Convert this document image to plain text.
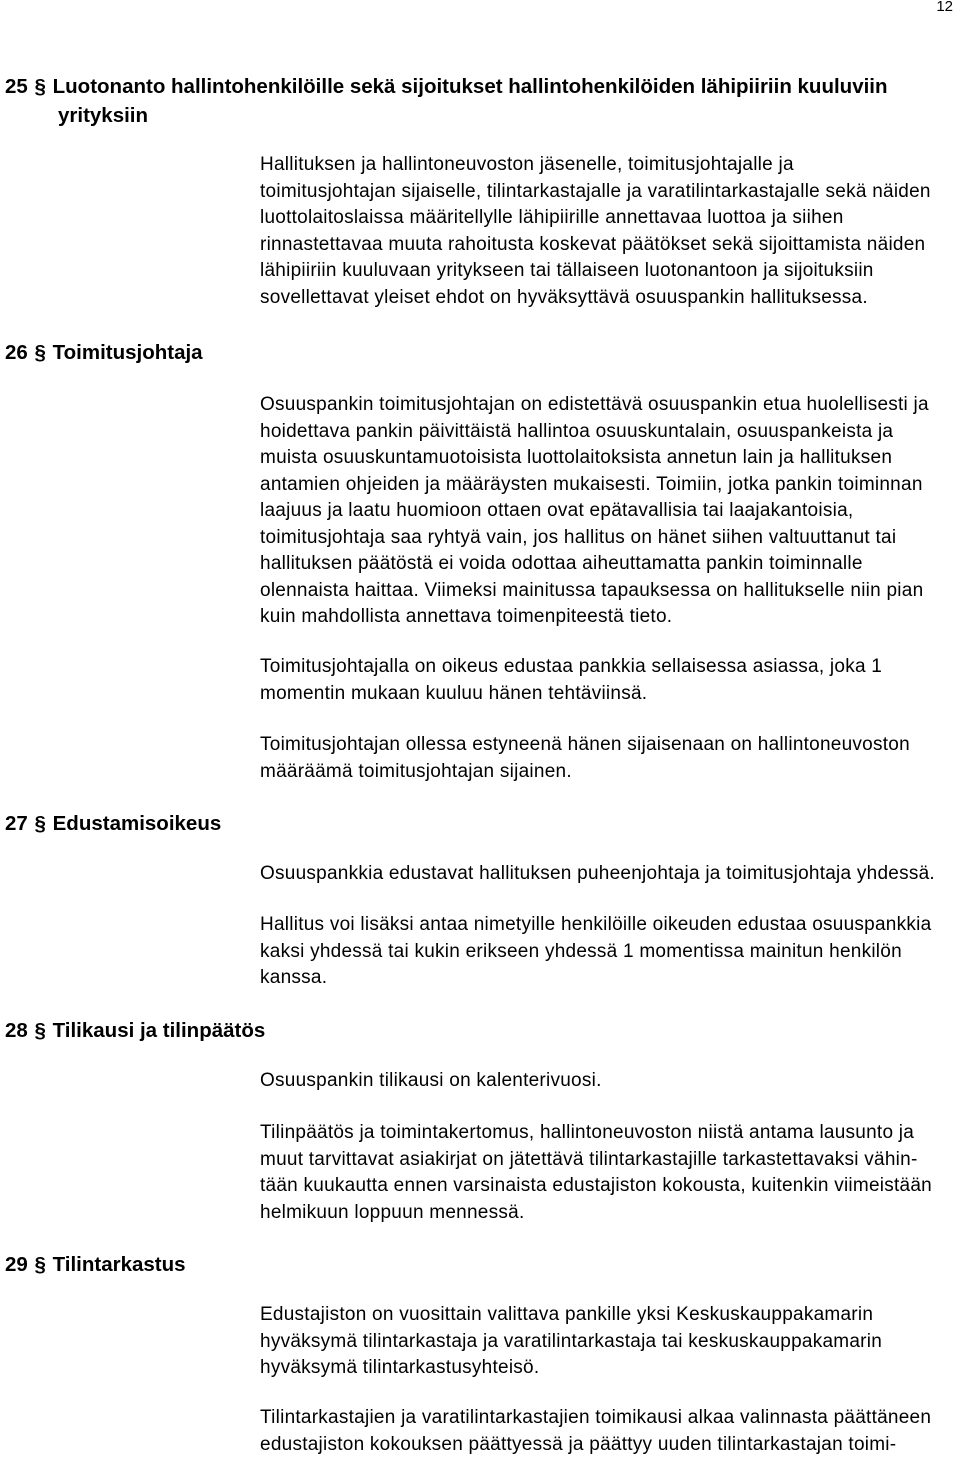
12
25 § Luotonanto hallintohenkilöille sekä sijoitukset hallintohenkilöiden lähipiiriin kuuluviin
yrityksiin
Hallituksen ja hallintoneuvoston jäsenelle, toimitusjohtajalle ja
toimitusjohtajan sijaiselle, tilintarkastajalle ja varatilintarkastajalle sekä näiden
luottolaitoslaissa määritellylle lähipiirille annettavaa luottoa ja siihen
rinnastettavaa muuta rahoitusta koskevat päätökset sekä sijoittamista näiden
lähipiiriin kuuluvaan yritykseen tai tällaiseen luotonantoon ja sijoituksiin
sovellettavat yleiset ehdot on hyväksyttävä osuuspankin hallituksessa.
26 § Toimitusjohtaja
Osuuspankin toimitusjohtajan on edistettävä osuuspankin etua huolellisesti ja
hoidettava pankin päivittäistä hallintoa osuuskuntalain, osuuspankeista ja
muista osuuskuntamuotoisista luottolaitoksista annetun lain ja hallituksen
antamien ohjeiden ja määräysten mukaisesti. Toimiin, jotka pankin toiminnan
laajuus ja laatu huomioon ottaen ovat epätavallisia tai laajakantoisia,
toimitusjohtaja saa ryhtyä vain, jos hallitus on hänet siihen valtuuttanut tai
hallituksen päätöstä ei voida odottaa aiheuttamatta pankin toiminnalle
olennaista haittaa. Viimeksi mainitussa tapauksessa on hallitukselle niin pian
kuin mahdollista annettava toimenpiteestä tieto.
Toimitusjohtajalla on oikeus edustaa pankkia sellaisessa asiassa, joka 1
momentin mukaan kuuluu hänen tehtäviinsä.
Toimitusjohtajan ollessa estyneenä hänen sijaisenaan on hallintoneuvoston
määräämä toimitusjohtajan sijainen.
27 § Edustamisoikeus
Osuuspankkia edustavat hallituksen puheenjohtaja ja toimitusjohtaja yhdessä.
Hallitus voi lisäksi antaa nimetyille henkilöille oikeuden edustaa osuuspankkia
kaksi yhdessä tai kukin erikseen yhdessä 1 momentissa mainitun henkilön
kanssa.
28 § Tilikausi ja tilinpäätös
Osuuspankin tilikausi on kalenterivuosi.
Tilinpäätös ja toimintakertomus, hallintoneuvoston niistä antama lausunto ja
muut tarvittavat asiakirjat on jätettävä tilintarkastajille tarkastettavaksi vähin-
tään kuukautta ennen varsinaista edustajiston kokousta, kuitenkin viimeistään
helmikuun loppuun mennessä.
29 § Tilintarkastus
Edustajiston on vuosittain valittava pankille yksi Keskuskauppakamarin
hyväksymä tilintarkastaja ja varatilintarkastaja tai keskuskauppakamarin
hyväksymä tilintarkastusyhteisö.
Tilintarkastajien ja varatilintarkastajien toimikausi alkaa valinnasta päättäneen
edustajiston kokouksen päättyessä ja päättyy uuden tilintarkastajan toimi-
